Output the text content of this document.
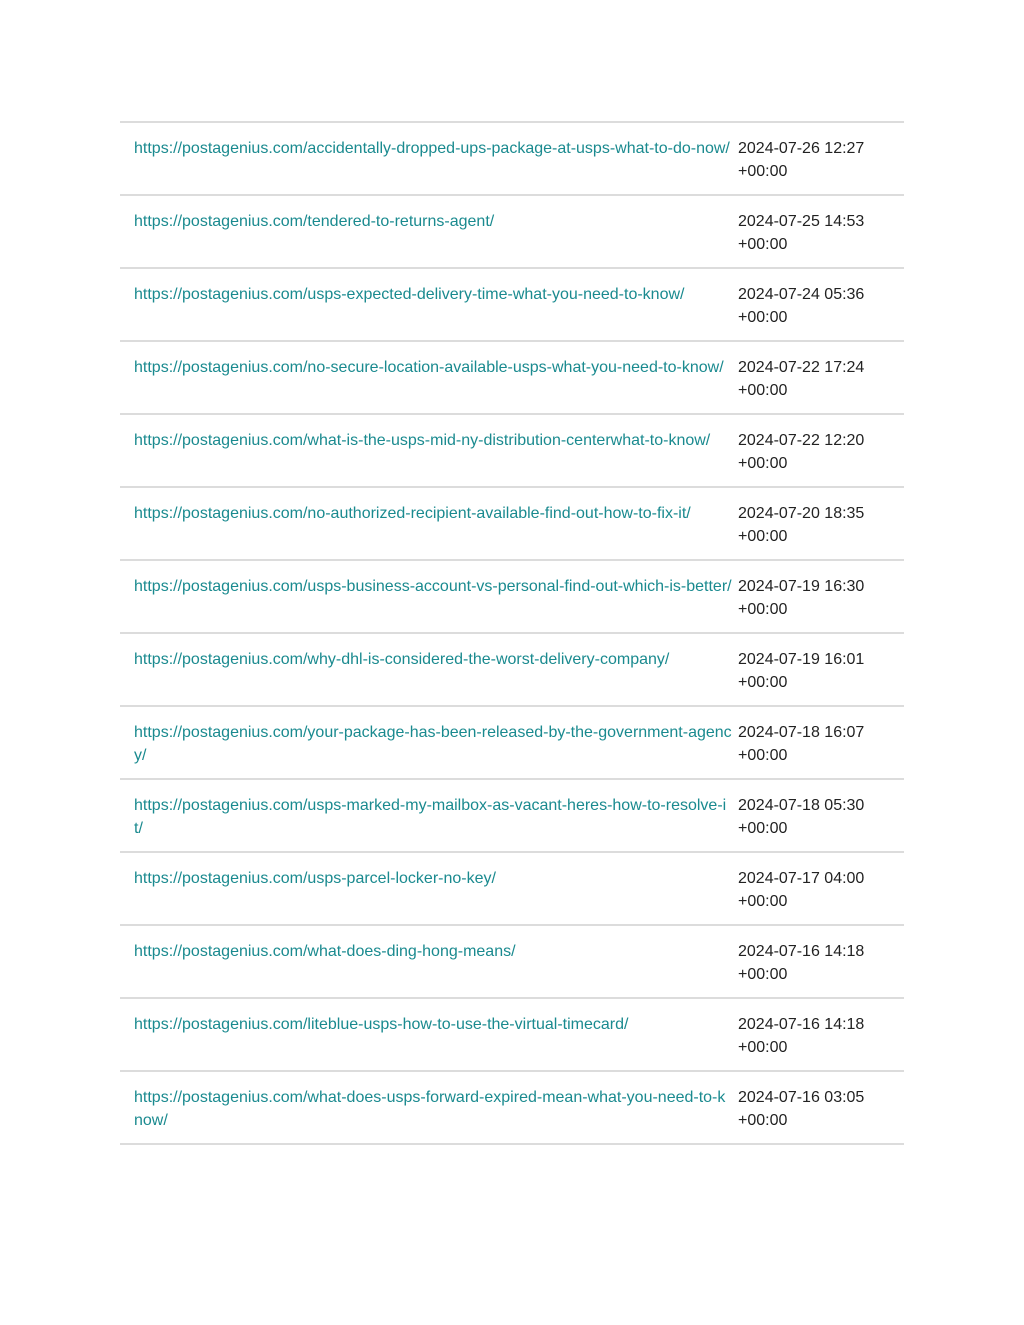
https://postagenius.com/accidentally-dropped-ups-package-at-usps-what-to-do-now/	2024-07-26 12:27
+00:00

https://postagenius.com/tendered-to-returns-agent/	2024-07-25 14:53
+00:00

https://postagenius.com/usps-expected-delivery-time-what-you-need-to-know/	2024-07-24 05:36
+00:00

https://postagenius.com/no-secure-location-available-usps-what-you-need-to-know/	2024-07-22 17:24
+00:00

https://postagenius.com/what-is-the-usps-mid-ny-distribution-centerwhat-to-know/	2024-07-22 12:20
+00:00

https://postagenius.com/no-authorized-recipient-available-find-out-how-to-fix-it/	2024-07-20 18:35
+00:00

https://postagenius.com/usps-business-account-vs-personal-find-out-which-is-better/	2024-07-19 16:30
+00:00

https://postagenius.com/why-dhl-is-considered-the-worst-delivery-company/	2024-07-19 16:01
+00:00

https://postagenius.com/your-package-has-been-released-by-the-government-agency/	2024-07-18 16:07
+00:00

https://postagenius.com/usps-marked-my-mailbox-as-vacant-heres-how-to-resolve-it/	2024-07-18 05:30
+00:00

https://postagenius.com/usps-parcel-locker-no-key/	2024-07-17 04:00
+00:00

https://postagenius.com/what-does-ding-hong-means/	2024-07-16 14:18
+00:00

https://postagenius.com/liteblue-usps-how-to-use-the-virtual-timecard/	2024-07-16 14:18
+00:00

https://postagenius.com/what-does-usps-forward-expired-mean-what-you-need-to-know/	2024-07-16 03:05
+00:00
